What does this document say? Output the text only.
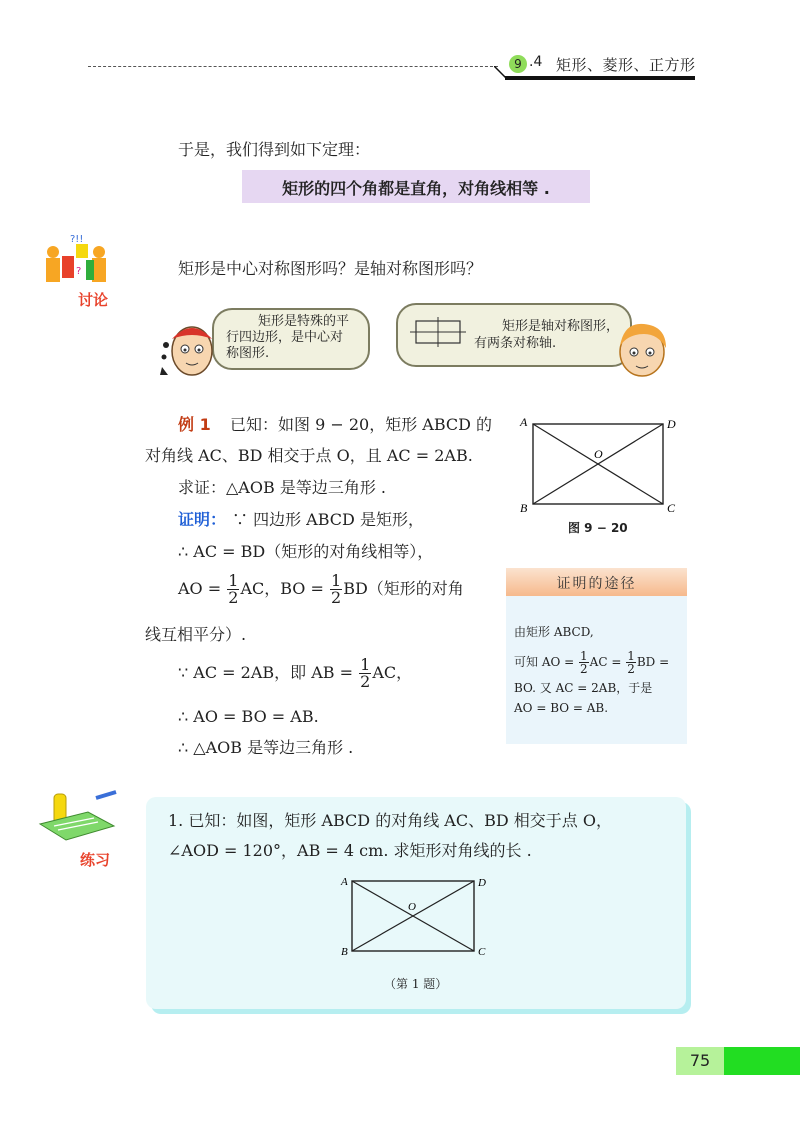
9 .4 矩形、菱形、正方形
于是，我们得到如下定理：
矩形的四个角都是直角，对角线相等 .
?!!
?
讨论
矩形是中心对称图形吗？是轴对称图形吗？
矩形是特殊的平
行四边形，是中心对
称图形.
矩形是轴对称图形，
有两条对称轴.
例 1 已知：如图 9 − 20，矩形 ABCD 的
对角线 AC、BD 相交于点 O，且 AC = 2AB.
求证：△AOB 是等边三角形 .
证明： ∵ 四边形 ABCD 是矩形，
∴ AC = BD（矩形的对角线相等），
AO = $\frac{1}{2}$ AC，BO = $\frac{1}{2} BD$（矩形的对角
线互相平分）.
∵ AC = 2AB，即 AB = $\frac{1}{2}$ AC，
∴ AO = BO = AB.
∴ △AOB 是等边三角形 .
A	D
B	C
O
图 9 − 20
证明的途径
由矩形 ABCD,
可知 AO = $\frac{1}{2}$ AC = $\frac{1}{2}$ BD =
BO. 又 AC = 2AB，于是
AO = BO = AB.
练习
1. 已知：如图，矩形 ABCD 的对角线 AC、BD 相交于点 O，
∠AOD = 120°，AB = 4 cm. 求矩形对角线的长 .
A	D
B	C
O
（第 1 题）
75
